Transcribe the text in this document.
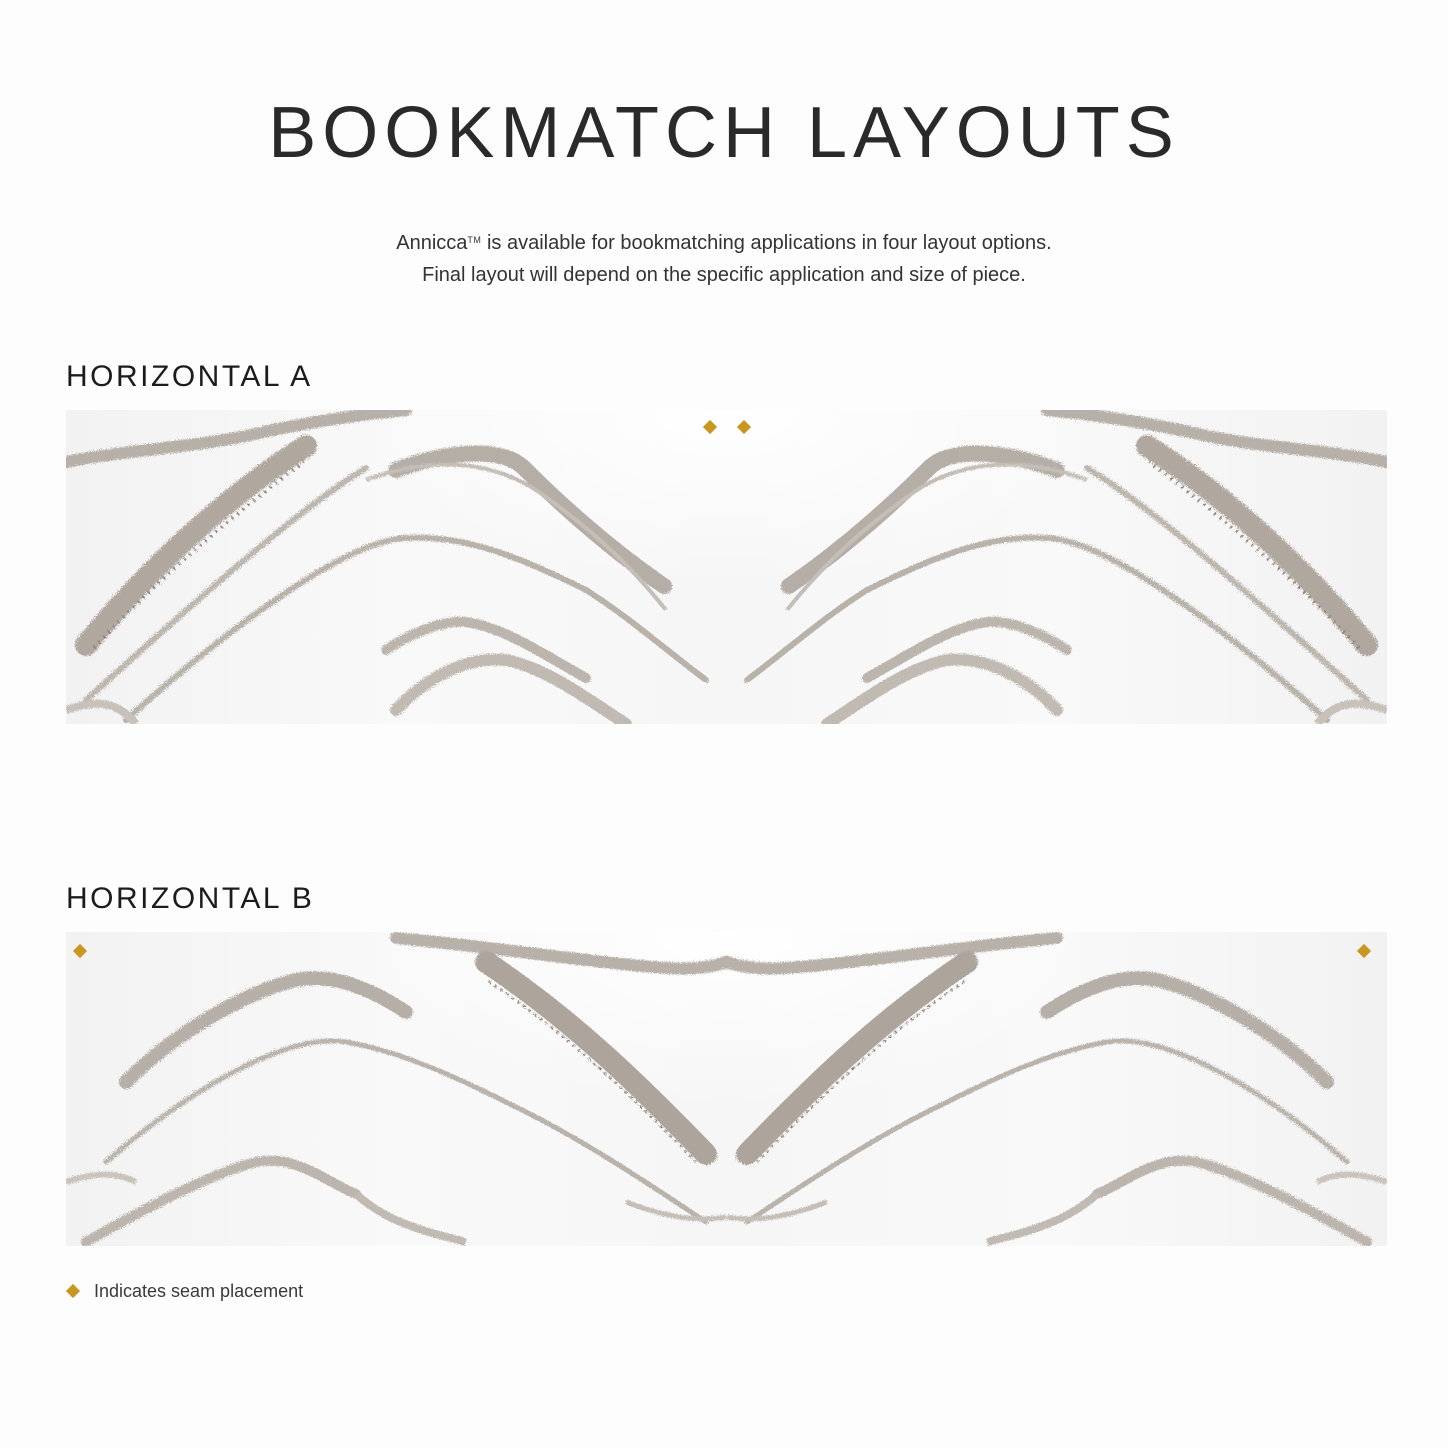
BOOKMATCH LAYOUTS
Annicca™ is available for bookmatching applications in four layout options.
Final layout will depend on the specific application and size of piece.
HORIZONTAL A
HORIZONTAL B
Indicates seam placement
